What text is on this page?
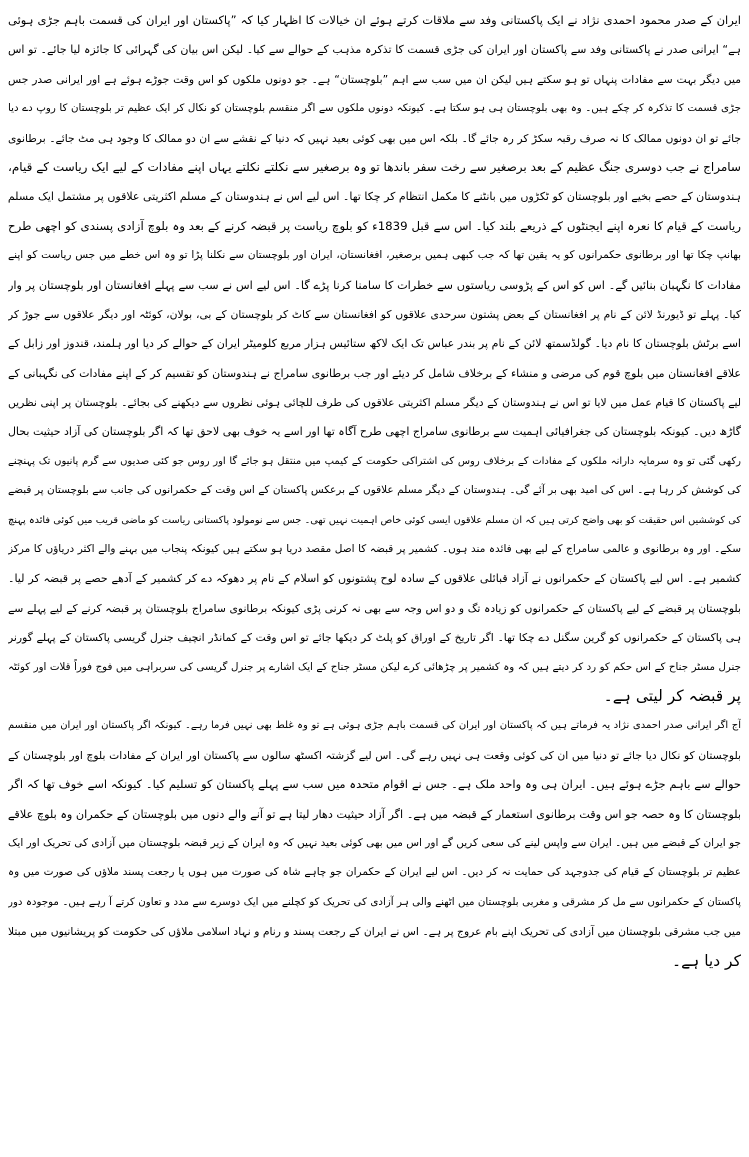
ایران کے صدر محمود احمدی نژاد نے ایک پاکستانی وفد سے ملاقات کرتے ہوئے ان خیالات کا اظہار کیا کہ ”پاکستان اور ایران کی قسمت باہم جڑی ہوئی
ہے“ ایرانی صدر نے پاکستانی وفد سے پاکستان اور ایران کی جڑی قسمت کا تذکرہ مذہب کے حوالے سے کیا۔ لیکن اس بیان کی گہرائی کا جائزہ لیا جائے۔ تو اس
میں دیگر بہت سے مفادات پنہاں تو ہو سکتے ہیں لیکن ان میں سب سے اہم ”بلوچستان“ ہے۔ جو دونوں ملکوں کو اس وقت جوڑے ہوئے ہے اور ایرانی صدر جس
جڑی قسمت کا تذکرہ کر چکے ہیں۔ وہ بھی بلوچستان ہی ہو سکتا ہے۔ کیونکہ دونوں ملکوں سے اگر منقسم بلوچستان کو نکال کر ایک عظیم تر بلوچستان کا روپ دے دیا
جائے تو ان دونوں ممالک کا نہ صرف رقبہ سکڑ کر رہ جائے گا۔ بلکہ اس میں بھی کوئی بعید نہیں کہ دنیا کے نقشے سے ان دو ممالک کا وجود ہی مٹ جائے۔ برطانوی
سامراج نے جب دوسری جنگ عظیم کے بعد برصغیر سے رخت سفر باندھا تو وہ برصغیر سے نکلتے نکلتے یہاں اپنے مفادات کے لیے ایک ریاست کے قیام،
ہندوستان کے حصے بخیے اور بلوچستان کو ٹکڑوں میں بانٹنے کا مکمل انتظام کر چکا تھا۔ اس لیے اس نے ہندوستان کے مسلم اکثریتی علاقوں پر مشتمل ایک مسلم
ریاست کے قیام کا نعرہ اپنے ایجنٹوں کے ذریعے بلند کیا۔ اس سے قبل 1839ء کو بلوچ ریاست پر قبضہ کرنے کے بعد وہ بلوچ آزادی پسندی کو اچھی طرح
بھانپ چکا تھا اور برطانوی حکمرانوں کو یہ یقین تھا کہ جب کبھی ہمیں برصغیر، افغانستان، ایران اور بلوچستان سے نکلنا پڑا تو وہ اس خطے میں جس ریاست کو اپنے
مفادات کا نگہبان بنائیں گے۔ اس کو اس کے پڑوسی ریاستوں سے خطرات کا سامنا کرنا پڑے گا۔ اس لیے اس نے سب سے پہلے افغانستان اور بلوچستان پر وار
کیا۔ پہلے تو ڈیورنڈ لائن کے نام پر افغانستان کے بعض پشتون سرحدی علاقوں کو افغانستان سے کاٹ کر بلوچستان کے بی، بولان، کوئٹہ اور دیگر علاقوں سے جوڑ کر
اسے برٹش بلوچستان کا نام دیا۔ گولڈسمتھ لائن کے نام پر بندر عباس تک ایک لاکھ ستائیس ہزار مربع کلومیٹر ایران کے حوالے کر دیا اور ہلمند، قندوز اور زابل کے
علاقے افغانستان میں بلوچ قوم کی مرضی و منشاء کے برخلاف شامل کر دیئے اور جب برطانوی سامراج نے ہندوستان کو تقسیم کر کے اپنے مفادات کی نگہبانی کے
لیے پاکستان کا قیام عمل میں لایا تو اس نے ہندوستان کے دیگر مسلم اکثریتی علاقوں کی طرف للچائی ہوئی نظروں سے دیکھنے کی بجائے۔ بلوچستان پر اپنی نظریں
گاڑھ دیں۔ کیونکہ بلوچستان کی جغرافیائی اہمیت سے برطانوی سامراج اچھی طرح آگاہ تھا اور اسے یہ خوف بھی لاحق تھا کہ اگر بلوچستان کی آزاد حیثیت بحال
رکھی گئی تو وہ سرمایہ دارانہ ملکوں کے مفادات کے برخلاف روس کی اشتراکی حکومت کے کیمپ میں منتقل ہو جائے گا اور روس جو کئی صدیوں سے گرم پانیوں تک پہنچنے
کی کوشش کر رہا ہے۔ اس کی امید بھی بر آئے گی۔ ہندوستان کے دیگر مسلم علاقوں کے برعکس پاکستان کے اس وقت کے حکمرانوں کی جانب سے بلوچستان پر قبضے
کی کوششیں اس حقیقت کو بھی واضح کرتی ہیں کہ ان مسلم علاقوں ایسی کوئی خاص اہمیت نہیں تھی۔ جس سے نومولود پاکستانی ریاست کو ماضی قریب میں کوئی فائدہ پہنچ
سکے۔ اور وہ برطانوی و عالمی سامراج کے لیے بھی فائدہ مند ہوں۔ کشمیر پر قبضہ کا اصل مقصد دریا ہو سکتے ہیں کیونکہ پنجاب میں بہنے والے اکثر دریاؤں کا مرکز
کشمیر ہے۔ اس لیے پاکستان کے حکمرانوں نے آزاد قبائلی علاقوں کے سادہ لوح پشتونوں کو اسلام کے نام پر دھوکہ دے کر کشمیر کے آدھے حصے پر قبضہ کر لیا۔
بلوچستان پر قبضے کے لیے پاکستان کے حکمرانوں کو زیادہ تگ و دو اس وجہ سے بھی نہ کرنی پڑی کیونکہ برطانوی سامراج بلوچستان پر قبضہ کرنے کے لیے پہلے سے
ہی پاکستان کے حکمرانوں کو گرین سگنل دے چکا تھا۔ اگر تاریخ کے اوراق کو پلٹ کر دیکھا جائے تو اس وقت کے کمانڈر انچیف جنرل گریسی پاکستان کے پہلے گورنر
جنرل مسٹر جناح کے اس حکم کو رد کر دیتے ہیں کہ وہ کشمیر پر چڑھائی کرے لیکن مسٹر جناح کے ایک اشارے پر جنرل گریسی کی سربراہی میں فوج فوراً قلات اور کوئٹہ
پر قبضہ کر لیتی ہے۔
آج اگر ایرانی صدر احمدی نژاد یہ فرماتے ہیں کہ پاکستان اور ایران کی قسمت باہم جڑی ہوئی ہے تو وہ غلط بھی نہیں فرما رہے۔ کیونکہ اگر پاکستان اور ایران میں منقسم
بلوچستان کو نکال دیا جائے تو دنیا میں ان کی کوئی وقعت ہی نہیں رہے گی۔ اس لیے گزشتہ اکسٹھ سالوں سے پاکستان اور ایران کے مفادات بلوچ اور بلوچستان کے
حوالے سے باہم جڑے ہوئے ہیں۔ ایران ہی وہ واحد ملک ہے۔ جس نے اقوام متحدہ میں سب سے پہلے پاکستان کو تسلیم کیا۔ کیونکہ اسے خوف تھا کہ اگر
بلوچستان کا وہ حصہ جو اس وقت برطانوی استعمار کے قبضہ میں ہے۔ اگر آزاد حیثیت دھار لیتا ہے تو آنے والے دنوں میں بلوچستان کے حکمران وہ بلوچ علاقے
جو ایران کے قبضے میں ہیں۔ ایران سے واپس لینے کی سعی کریں گے اور اس میں بھی کوئی بعید نہیں کہ وہ ایران کے زیر قبضہ بلوچستان میں آزادی کی تحریک اور ایک
عظیم تر بلوچستان کے قیام کی جدوجہد کی حمایت نہ کر دیں۔ اس لیے ایران کے حکمران جو چاہے شاہ کی صورت میں ہوں یا رجعت پسند ملاؤں کی صورت میں وہ
پاکستان کے حکمرانوں سے مل کر مشرقی و مغربی بلوچستان میں اٹھنے والی ہر آزادی کی تحریک کو کچلنے میں ایک دوسرے سے مدد و تعاون کرتے آ رہے ہیں۔ موجودہ دور
میں جب مشرقی بلوچستان میں آزادی کی تحریک اپنے بام عروج پر ہے۔ اس نے ایران کے رجعت پسند و رنام و نہاد اسلامی ملاؤں کی حکومت کو پریشانیوں میں مبتلا
کر دیا ہے۔
